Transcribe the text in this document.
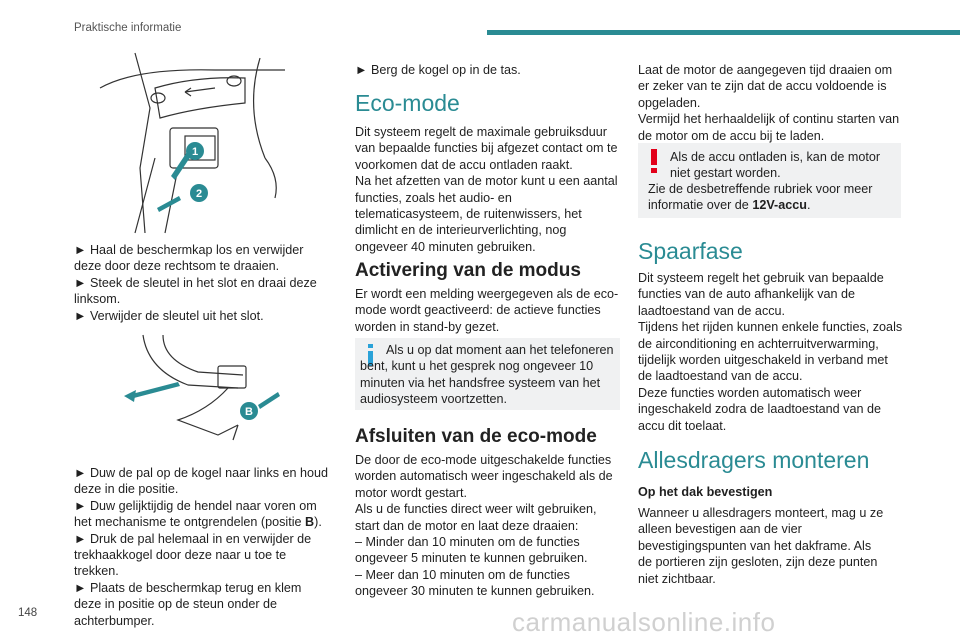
Praktische informatie
1
2
► Haal de beschermkap los en verwijder deze door deze rechtsom te draaien.
► Steek de sleutel in het slot en draai deze linksom.
► Verwijder de sleutel uit het slot.
B
► Duw de pal op de kogel naar links en houd deze in die positie.
► Duw gelijktijdig de hendel naar voren om het mechanisme te ontgrendelen (positie B).
► Druk de pal helemaal in en verwijder de trekhaakkogel door deze naar u toe te trekken.
► Plaats de beschermkap terug en klem deze in positie op de steun onder de achterbumper.
► Berg de kogel op in de tas.
Eco-mode
Dit systeem regelt de maximale gebruiksduur van bepaalde functies bij afgezet contact om te voorkomen dat de accu ontladen raakt.
Na het afzetten van de motor kunt u een aantal functies, zoals het audio- en telematicasysteem, de ruitenwissers, het dimlicht en de interieurverlichting, nog ongeveer 40 minuten gebruiken.
Activering van de modus
Er wordt een melding weergegeven als de eco-mode wordt geactiveerd: de actieve functies worden in stand-by gezet.
Als u op dat moment aan het telefoneren bent, kunt u het gesprek nog ongeveer 10 minuten via het handsfree systeem van het audiosysteem voortzetten.
Afsluiten van de eco-mode
De door de eco-mode uitgeschakelde functies worden automatisch weer ingeschakeld als de motor wordt gestart.
Als u de functies direct weer wilt gebruiken, start dan de motor en laat deze draaien:
– Minder dan 10 minuten om de functies ongeveer 5 minuten te kunnen gebruiken.
– Meer dan 10 minuten om de functies ongeveer 30 minuten te kunnen gebruiken.
Laat de motor de aangegeven tijd draaien om er zeker van te zijn dat de accu voldoende is opgeladen.
Vermijd het herhaaldelijk of continu starten van de motor om de accu bij te laden.
Als de accu ontladen is, kan de motor niet gestart worden.
Zie de desbetreffende rubriek voor meer informatie over de 12V-accu.
Spaarfase
Dit systeem regelt het gebruik van bepaalde functies van de auto afhankelijk van de laadtoestand van de accu.
Tijdens het rijden kunnen enkele functies, zoals de airconditioning en achterruitverwarming, tijdelijk worden uitgeschakeld in verband met de laadtoestand van de accu.
Deze functies worden automatisch weer ingeschakeld zodra de laadtoestand van de accu dit toelaat.
Allesdragers monteren
Op het dak bevestigen
Wanneer u allesdragers monteert, mag u ze alleen bevestigen aan de vier bevestigingspunten van het dakframe. Als de portieren zijn gesloten, zijn deze punten niet zichtbaar.
148	carmanualsonline.info
